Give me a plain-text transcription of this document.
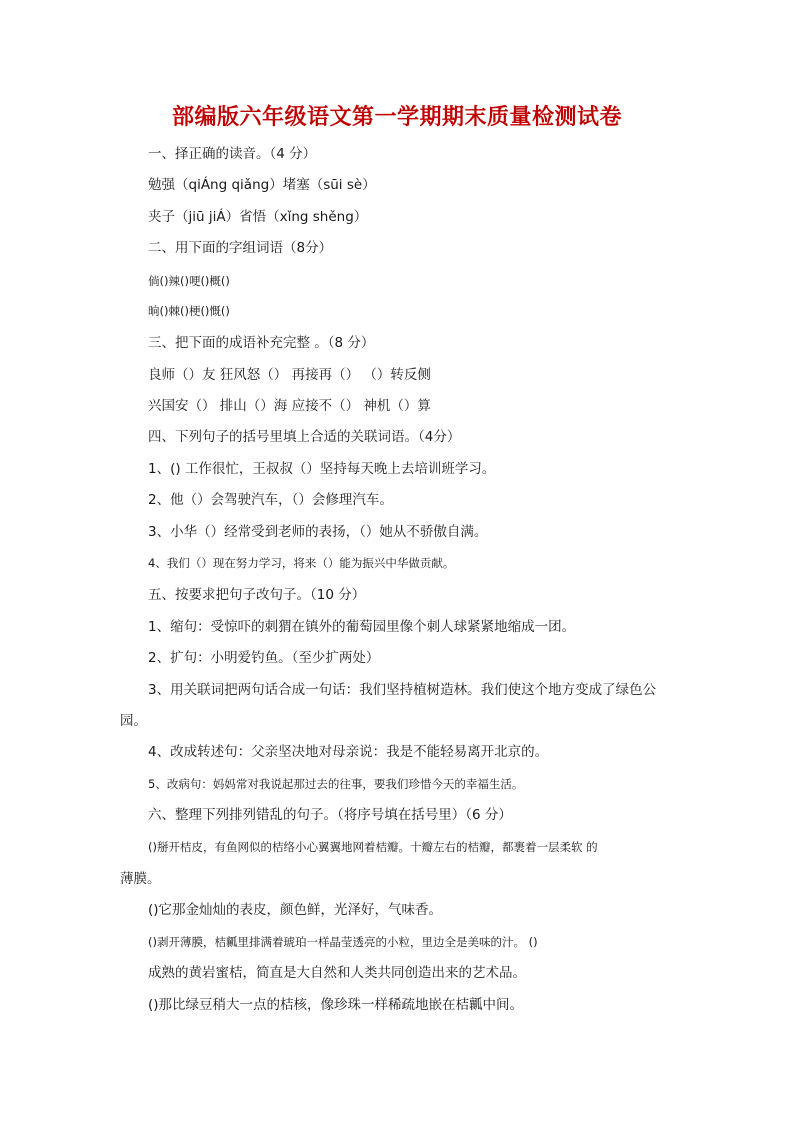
部编版六年级语文第一学期期末质量检测试卷
一、择正确的读音。（4 分）
勉强（qiÁng qiǎng）堵塞（sūi sè）
夹子（jiū jiÁ）省悟（xǐng shěng）
二、用下面的字组词语（8分）
倘()辣()哽()概()
晌()棘()梗()慨()
三、把下面的成语补充完整 。（8 分）
良师（）友 狂风怒（） 再接再（） （）转反侧
兴国安（） 排山（）海 应接不（） 神机（）算
四、下列句子的括号里填上合适的关联词语。（4分）
1、() 工作很忙，王叔叔（）坚持每天晚上去培训班学习。
2、他（）会驾驶汽车，（）会修理汽车。
3、小华（）经常受到老师的表扬，（）她从不骄傲自满。
4、我们（）现在努力学习，将来（）能为振兴中华做贡献。
五、按要求把句子改句子。（10 分）
1、缩句：受惊吓的刺猬在镇外的葡萄园里像个刺人球紧紧地缩成一团。
2、扩句：小明爱钓鱼。（至少扩两处）
3、用关联词把两句话合成一句话：我们坚持植树造林。我们使这个地方变成了绿色公
园。
4、改成转述句：父亲坚决地对母亲说：我是不能轻易离开北京的。
5、改病句：妈妈常对我说起那过去的往事，要我们珍惜今天的幸福生活。
六、整理下列排列错乱的句子。（将序号填在括号里）（6 分）
()掰开桔皮，有鱼网似的桔络小心翼翼地网着桔瓣。十瓣左右的桔瓣，都裹着一层柔软 的
薄膜。
()它那金灿灿的表皮，颜色鲜，光泽好，气味香。
()剥开薄膜，桔瓤里排满着琥珀一样晶莹透亮的小粒，里边全是美味的汁。 ()
成熟的黄岩蜜桔，简直是大自然和人类共同创造出来的艺术品。
()那比绿豆稍大一点的桔核，像珍珠一样稀疏地嵌在桔瓤中间。
